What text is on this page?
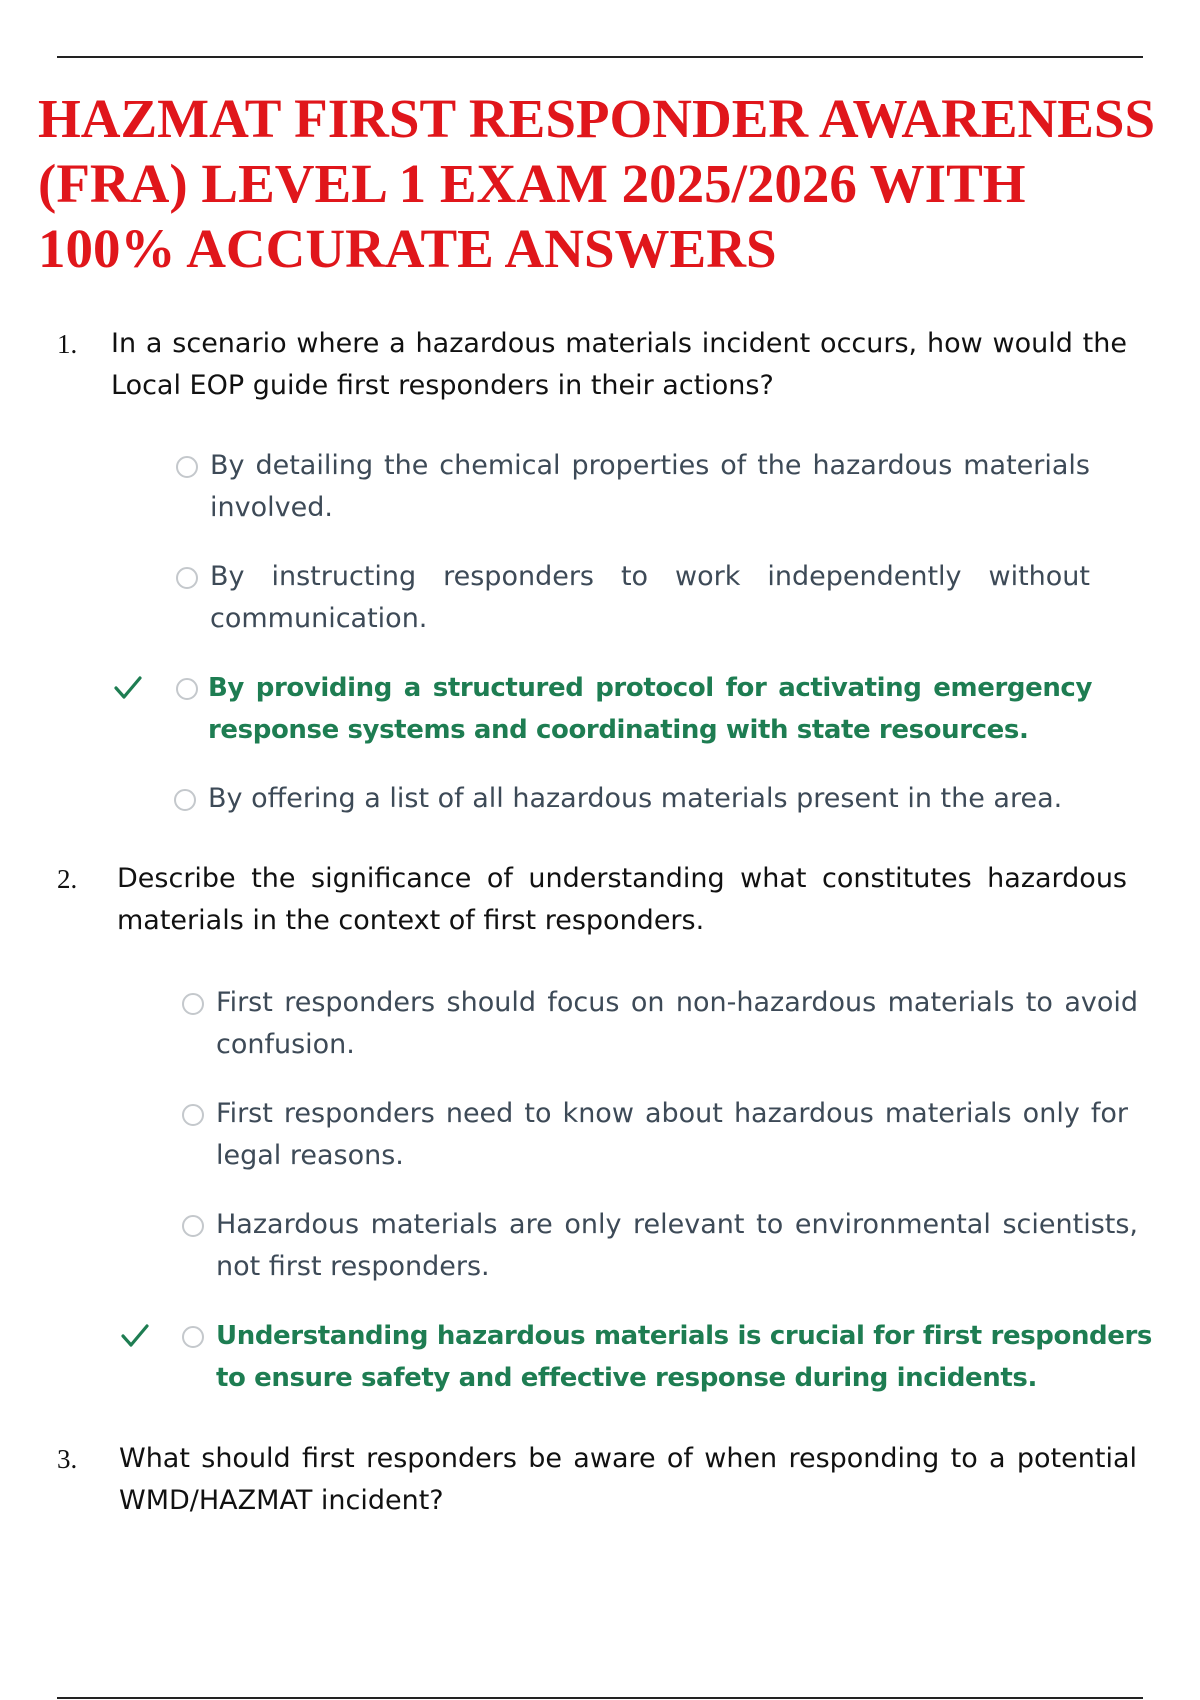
HAZMAT FIRST RESPONDER AWARENESS
(FRA) LEVEL 1 EXAM 2025/2026 WITH
100% ACCURATE ANSWERS
1. In a scenario where a hazardous materials incident occurs, how would the Local EOP guide first responders in their actions?

By detailing the chemical properties of the hazardous materials involved.

By instructing responders to work independently without communication.

By providing a structured protocol for activating emergency response systems and coordinating with state resources.

By offering a list of all hazardous materials present in the area.

2. Describe the significance of understanding what constitutes hazardous materials in the context of first responders.

First responders should focus on non-hazardous materials to avoid confusion.

First responders need to know about hazardous materials only for legal reasons.

Hazardous materials are only relevant to environmental scientists, not first responders.

Understanding hazardous materials is crucial for first responders to ensure safety and effective response during incidents.

3. What should first responders be aware of when responding to a potential WMD/HAZMAT incident?
